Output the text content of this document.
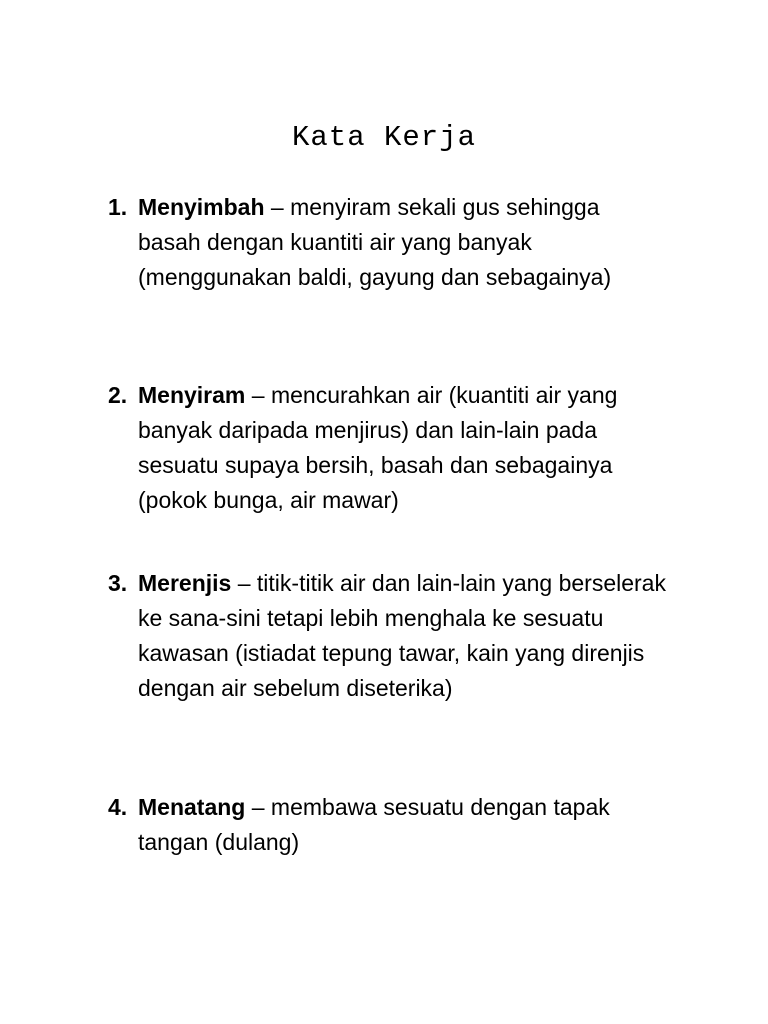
Kata Kerja
1. Menyimbah – menyiram sekali gus sehingga basah dengan kuantiti air yang banyak (menggunakan baldi, gayung dan sebagainya)
2. Menyiram – mencurahkan air (kuantiti air yang banyak daripada menjirus) dan lain-lain pada sesuatu supaya bersih, basah dan sebagainya (pokok bunga, air mawar)
3. Merenjis – titik-titik air dan lain-lain yang berselerak ke sana-sini tetapi lebih menghala ke sesuatu kawasan (istiadat tepung tawar, kain yang direnjis dengan air sebelum diseterika)
4. Menatang – membawa sesuatu dengan tapak tangan (dulang)
